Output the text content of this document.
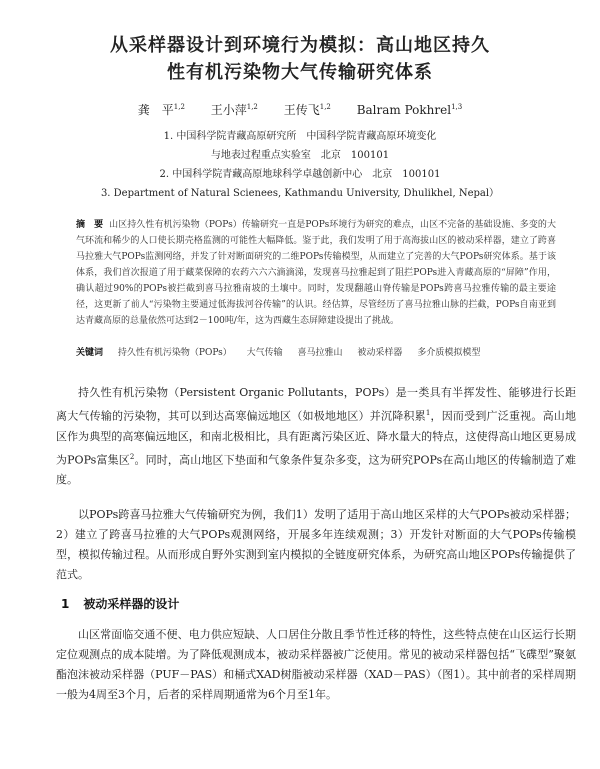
从采样器设计到环境行为模拟：高山地区持久
性有机污染物大气传输研究体系
龚　平$^{1,2}$ 王小萍$^{1,2}$ 王传飞$^{1,2}$ Balram Pokhrel$^{1,3}$
1. 中国科学院青藏高原研究所　中国科学院青藏高原环境变化
与地表过程重点实验室　北京　100101
2. 中国科学院青藏高原地球科学卓越创新中心　北京　100101
3. Department of Natural Scienees, Kathmandu University, Dhulikhel, Nepal）
摘　要 山区持久性有机污染物（POPs）传输研究一直是POPs环境行为研究的难点，山区不完备的基础设施、多变的大气环流和稀少的人口使长期壳格监测的可能性大幅降低。鉴于此，我们发明了用于高海拔山区的被动采样器，建立了跨喜马拉雅大气POPs监测网络，并发了针对断面研究的二维POPs传输模型，从而建立了完善的大气POPs研究体系。基于该体系，我们首次报道了用于藏菜保障的农药六六六滴滴涕，发现喜马拉雅起到了阻拦POPs进入青藏高原的“屏障”作用，确认超过90%的POPs被拦截到喜马拉雅南坡的土壤中。同时，发现翻越山脊传输是POPs跨喜马拉雅传输的最主要途径，这更新了前人“污染物主要通过低海拔河谷传输”的认识。经估算，尽管经历了喜马拉雅山脉的拦截，POPs自南亚到达青藏高原的总量依然可达到2－100吨/年，这为西藏生态屏障建设提出了挑战。
关键词 持久性有机污染物（POPs） 大气传输 喜马拉雅山 被动采样器 多介质模拟模型
持久性有机污染物（Persistent Organic Pollutants，POPs）是一类具有半挥发性、能够进行长距离大气传输的污染物，其可以到达高寒偏远地区（如极地地区）并沉降积累$^1$，因而受到广泛重视。高山地区作为典型的高寒偏远地区，和南北极相比，具有距离污染区近、降水量大的特点，这使得高山地区更易成为POPs富集区$^2$。同时，高山地区下垫面和气象条件复杂多变，这为研究POPs在高山地区的传输制造了难度。
以POPs跨喜马拉雅大气传输研究为例，我们1）发明了适用于高山地区采样的大气POPs被动采样器；2）建立了跨喜马拉雅的大气POPs观测网络，开展多年连续观测；3）开发针对断面的大气POPs传输模型，模拟传输过程。从而形成自野外实测到室内模拟的全链度研究体系，为研究高山地区POPs传输提供了范式。
1 被动采样器的设计
山区常面临交通不便、电力供应短缺、人口居住分散且季节性迁移的特性，这些特点使在山区运行长期定位观测点的成本陡增。为了降低观测成本，被动采样器被广泛使用。常见的被动采样器包括“飞碟型”聚氨酯泡沫被动采样器（PUF－PAS）和桶式XAD树脂被动采样器（XAD－PAS）（图1）。其中前者的采样周期一般为4周至3个月，后者的采样周期通常为6个月至1年。
